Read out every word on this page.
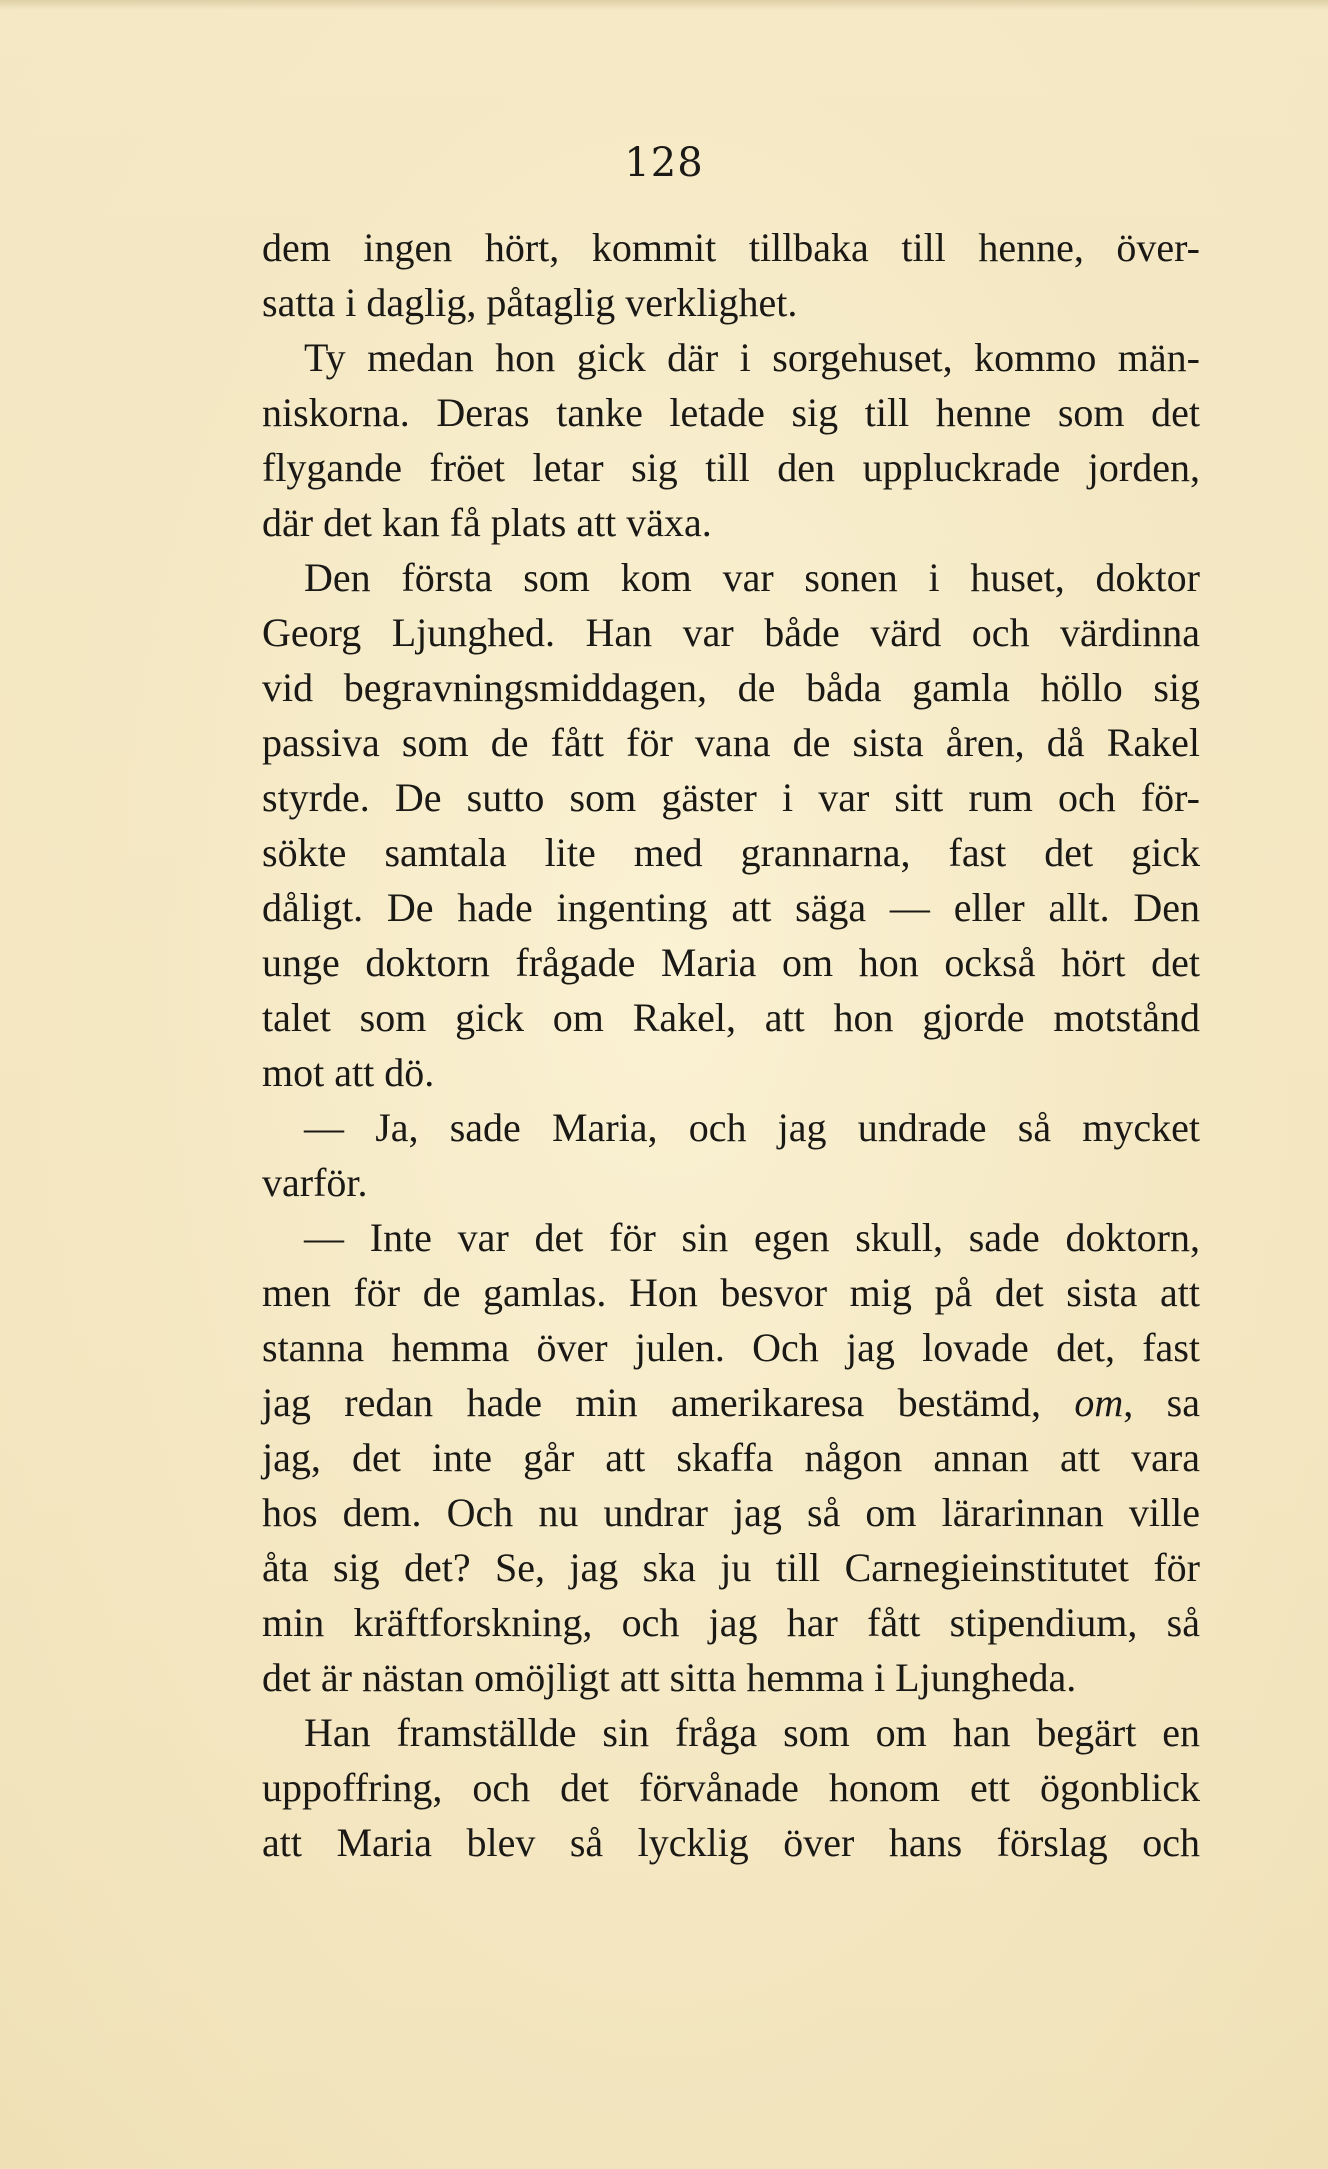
128
dem ingen hört, kommit tillbaka till henne, över-
satta i daglig, påtaglig verklighet.
Ty medan hon gick där i sorgehuset, kommo män-
niskorna. Deras tanke letade sig till henne som det
flygande fröet letar sig till den uppluckrade jorden,
där det kan få plats att växa.
Den första som kom var sonen i huset, doktor
Georg Ljunghed. Han var både värd och värdinna
vid begravningsmiddagen, de båda gamla höllo sig
passiva som de fått för vana de sista åren, då Rakel
styrde. De sutto som gäster i var sitt rum och för-
sökte samtala lite med grannarna, fast det gick
dåligt. De hade ingenting att säga — eller allt. Den
unge doktorn frågade Maria om hon också hört det
talet som gick om Rakel, att hon gjorde motstånd
mot att dö.
— Ja, sade Maria, och jag undrade så mycket
varför.
— Inte var det för sin egen skull, sade doktorn,
men för de gamlas. Hon besvor mig på det sista att
stanna hemma över julen. Och jag lovade det, fast
jag redan hade min amerikaresa bestämd, om, sa
jag, det inte går att skaffa någon annan att vara
hos dem. Och nu undrar jag så om lärarinnan ville
åta sig det? Se, jag ska ju till Carnegieinstitutet för
min kräftforskning, och jag har fått stipendium, så
det är nästan omöjligt att sitta hemma i Ljungheda.
Han framställde sin fråga som om han begärt en
uppoffring, och det förvånade honom ett ögonblick
att Maria blev så lycklig över hans förslag och
